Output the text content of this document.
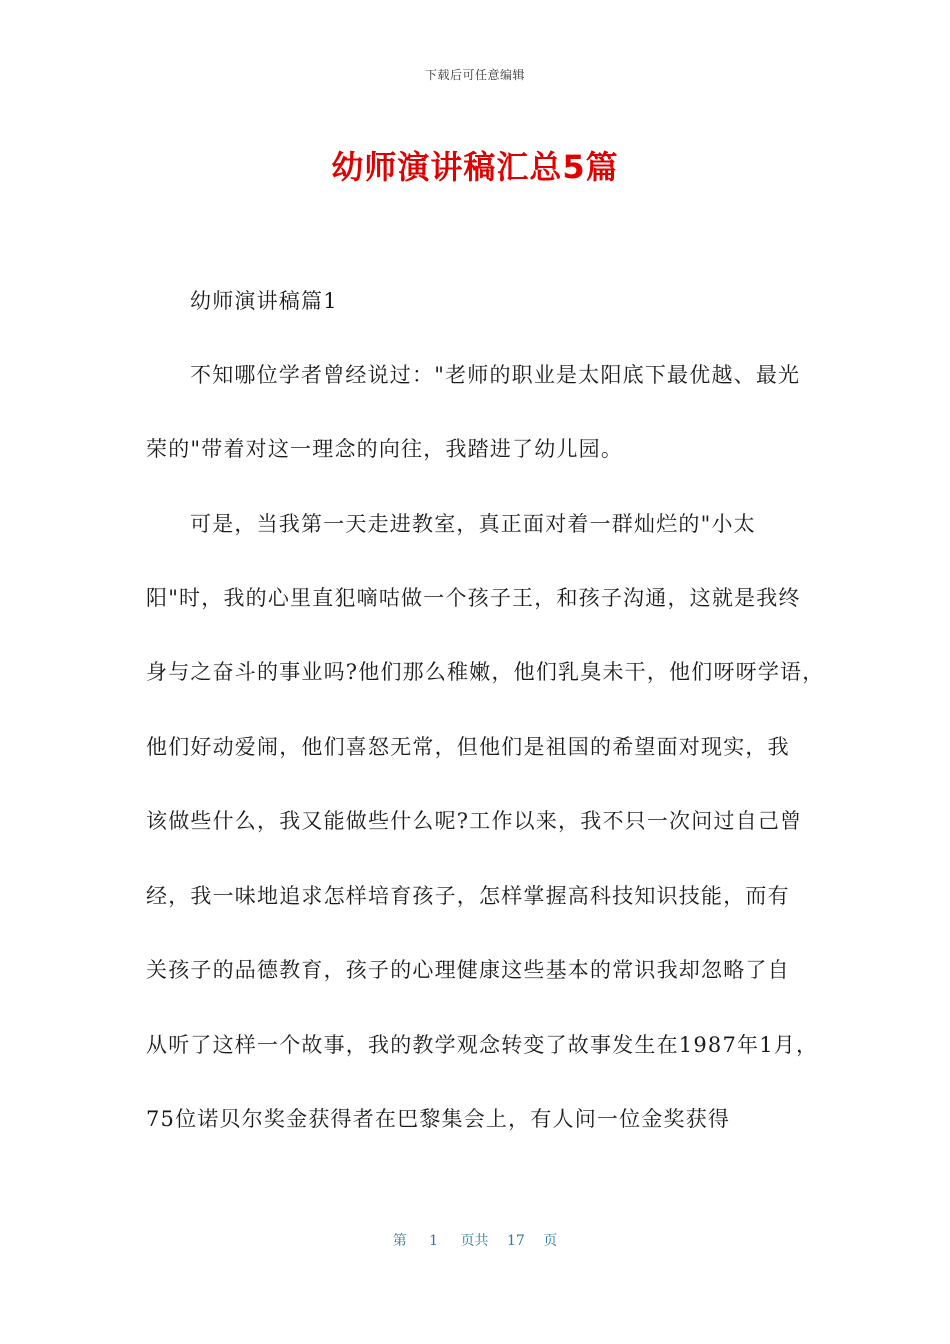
下载后可任意编辑
幼师演讲稿汇总5篇
幼师演讲稿篇1
不知哪位学者曾经说过："老师的职业是太阳底下最优越、最光
荣的"带着对这一理念的向往，我踏进了幼儿园。
可是，当我第一天走进教室，真正面对着一群灿烂的"小太
阳"时，我的心里直犯嘀咕做一个孩子王，和孩子沟通，这就是我终
身与之奋斗的事业吗?他们那么稚嫩，他们乳臭未干，他们呀呀学语，
他们好动爱闹，他们喜怒无常，但他们是祖国的希望面对现实，我
该做些什么，我又能做些什么呢?工作以来，我不只一次问过自己曾
经，我一味地追求怎样培育孩子，怎样掌握高科技知识技能，而有
关孩子的品德教育，孩子的心理健康这些基本的常识我却忽略了自
从听了这样一个故事，我的教学观念转变了故事发生在1987年1月，
75位诺贝尔奖金获得者在巴黎集会上，有人问一位金奖获得
第 1 页共 17 页
